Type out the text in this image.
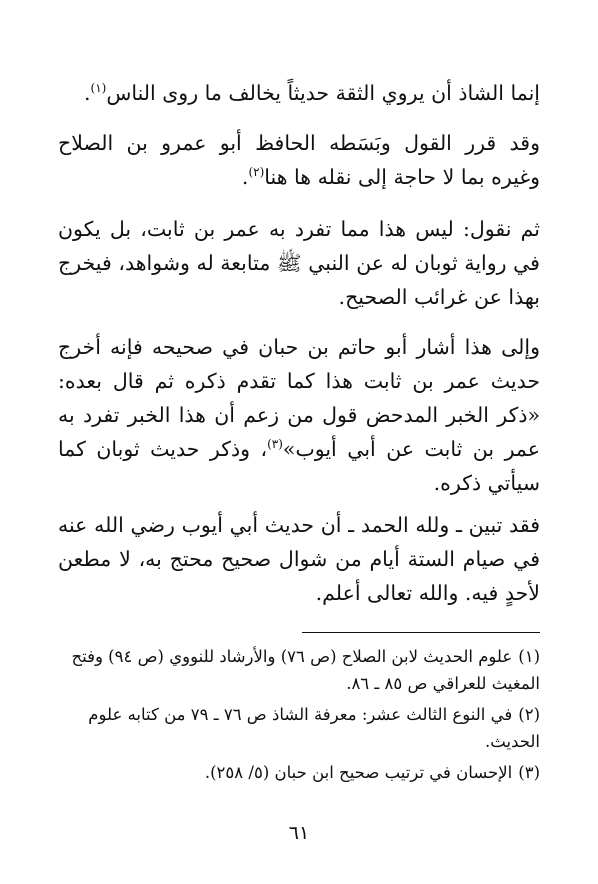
إنما الشاذ أن يروي الثقة حديثاً يخالف ما روى الناس$^{(١)}$.

وقد قرر القول وبَسَطه الحافظ أبو عمرو بن الصلاح وغيره بما لا حاجة إلى نقله ها هنا$^{(٢)}$.

ثم نقول: ليس هذا مما تفرد به عمر بن ثابت، بل يكون في رواية ثوبان له عن النبي ﷺ متابعة له وشواهد، فيخرج بهذا عن غرائب الصحيح.

وإلى هذا أشار أبو حاتم بن حبان في صحيحه فإنه أخرج حديث عمر بن ثابت هذا كما تقدم ذكره ثم قال بعده: «ذكر الخبر المدحض قول من زعم أن هذا الخبر تفرد به عمر بن ثابت عن أبي أيوب»$^{(٣)}$، وذكر حديث ثوبان كما سيأتي ذكره.

فقد تبين ـ ولله الحمد ـ أن حديث أبي أيوب رضي الله عنه في صيام الستة أيام من شوال صحيح محتج به، لا مطعن لأحدٍ فيه. والله تعالى أعلم.

(١)علوم الحديث لابن الصلاح (ص ٧٦) والأرشاد للنووي (ص ٩٤) وفتح المغيث للعراقي ص ٨٥ ـ ٨٦.

(٢)في النوع الثالث عشر: معرفة الشاذ ص ٧٦ ـ ٧٩ من كتابه علوم الحديث.

(٣)الإحسان في ترتيب صحيح ابن حبان (٥/ ٢٥٨).

٦١
